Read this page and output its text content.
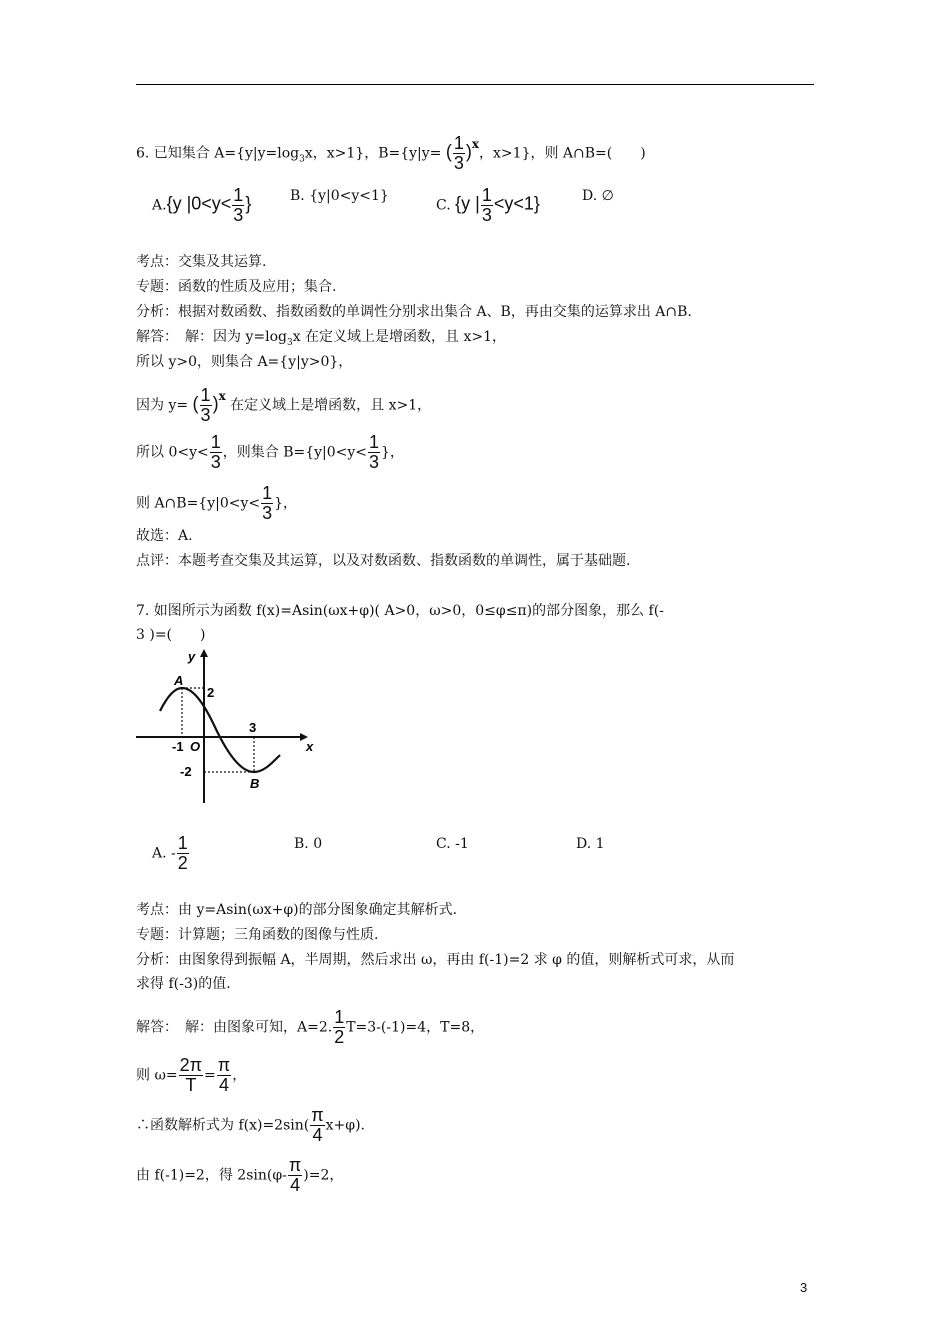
6. 已知集合 $A=\{y|y=\log_3x$，x>1}，B={y|y= ( $\frac{1}{3} )x$，x>1}，则 A∩B=(　　)
A.{y $|0<y< \frac{1}{3}$ }	B. {y|0<y<1}
C. {y | $\frac{1}{3} <y<1$}	D. ∅
考点：交集及其运算.
专题：函数的性质及应用；集合.
分析：根据对数函数、指数函数的单调性分别求出集合 A、B，再由交集的运算求出 A∩B.
解答：　解：因为 $y=\log_3x$ 在定义域上是增函数，且 x>1，
所以 y>0，则集合 A={y|y>0}，
因为 y= ( $\frac{1}{3} )x$ 在定义域上是增函数，且 x>1，
所以 $0<y< \frac{1}{3}$ ，则集合 $B=\{y|0<y< \frac{1}{3}$ }，
则 A∩B={y|0<y< $\frac{1}{3}$ }，
故选：A.
点评：本题考查交集及其运算，以及对数函数、指数函数的单调性，属于基础题.
7. 如图所示为函数 f(x)=Asin(ωx+φ)( A>0，ω>0，0≤φ≤π)的部分图象，那么 f(-
3 )=(　　)
y
x
A
B
2
-2
-1 O
3
A. - $\frac{1}{2}$	B. 0	C. -1	D. 1
考点：由 y=Asin(ωx+φ)的部分图象确定其解析式.
专题：计算题；三角函数的图像与性质.
分析：由图象得到振幅 A，半周期，然后求出 ω，再由 f(-1)=2 求 φ 的值，则解析式可求，从而
求得 f(-3)的值.
解答：　解：由图象可知，A=2. $\frac{1}{2} T=3-(-1)=4$，T=8，
则 $\omega= \frac{2\pi}{T} = \frac{\pi}{4}$ ，
∴函数解析式为 $f(x)=2\sin( \frac{\pi}{4} x+\varphi)$.
由 f(-1)=2，得 $2\sin(\varphi- \frac{\pi}{4} )=2$，
3
